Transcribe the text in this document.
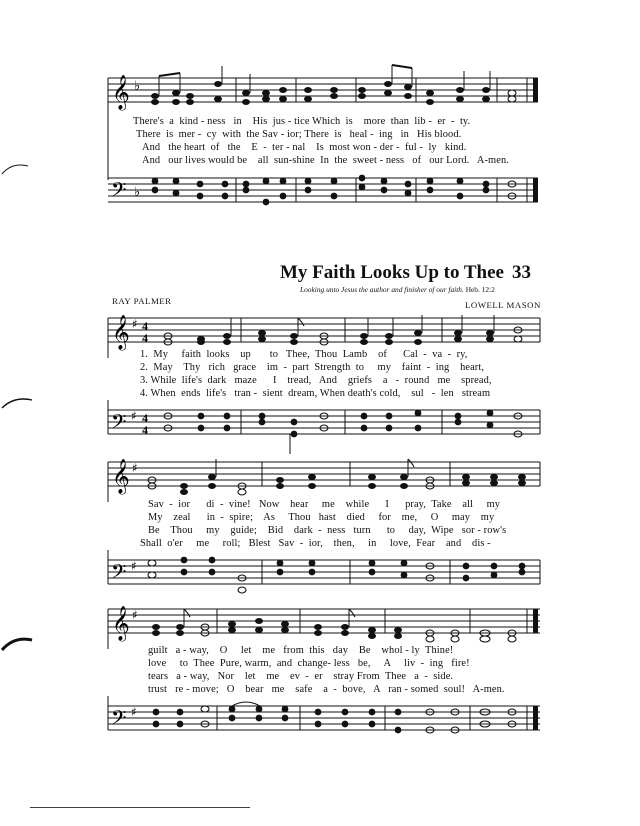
𝄞 ♭
There's  a  kind - ness   in    His  jus - tice Which  is    more  than  lib -  er  -  ty.
There  is  mer -  cy  with  the Sav - ior; There  is   heal -  ing   in   His blood.
And   the heart  of   the    E  -  ter - nal    Is  most won - der -  ful -  ly   kind.
And   our lives would be    all  sun-shine  In  the  sweet - ness   of   our Lord.   A-men.
𝄢 ♭
My Faith Looks Up to Thee 33
Looking unto Jesus the author and finisher of our faith. Heb. 12:2
RAY PALMER	LOWELL MASON
𝄞 ♯ 4
4
1.  My     faith  looks    up       to   Thee,  Thou  Lamb    of      Cal  -  va  -  ry,
2.  May    Thy   rich   grace    im  -  part  Strength  to     my    faint  -  ing    heart,
3. While  life's  dark   maze      I    tread,   And    griefs    a   -  round   me    spread,
4. When  ends  life's   tran -  sient  dream, When death's cold,    sul   -  len   stream
𝄢 ♯ 4
4
𝄞 ♯
Sav  -  ior      di  -  vine!   Now    hear     me    while      I      pray,  Take    all     my
My    zeal      in  -  spire;    As     Thou   hast    died     for    me,     O     may    my
Be    Thou     my    guide;    Bid    dark  -  ness   turn      to     day,  Wipe   sor - row's
Shall  o'er     me     roll;   Blest   Sav  -  ior,    then,     in     love,  Fear    and    dis -
𝄢 ♯
𝄞 ♯
guilt   a - way,    O     let    me   from  this   day    Be    whol - ly  Thine!
love     to  Thee  Pure, warm,  and  change- less   be,     A     liv  -  ing   fire!
tears   a - way,   Nor    let    me    ev  -  er    stray From  Thee   a  -  side.
trust   re - move;   O    bear   me    safe    a  -  bove,   A   ran - somed  soul!   A-men.
𝄢 ♯
